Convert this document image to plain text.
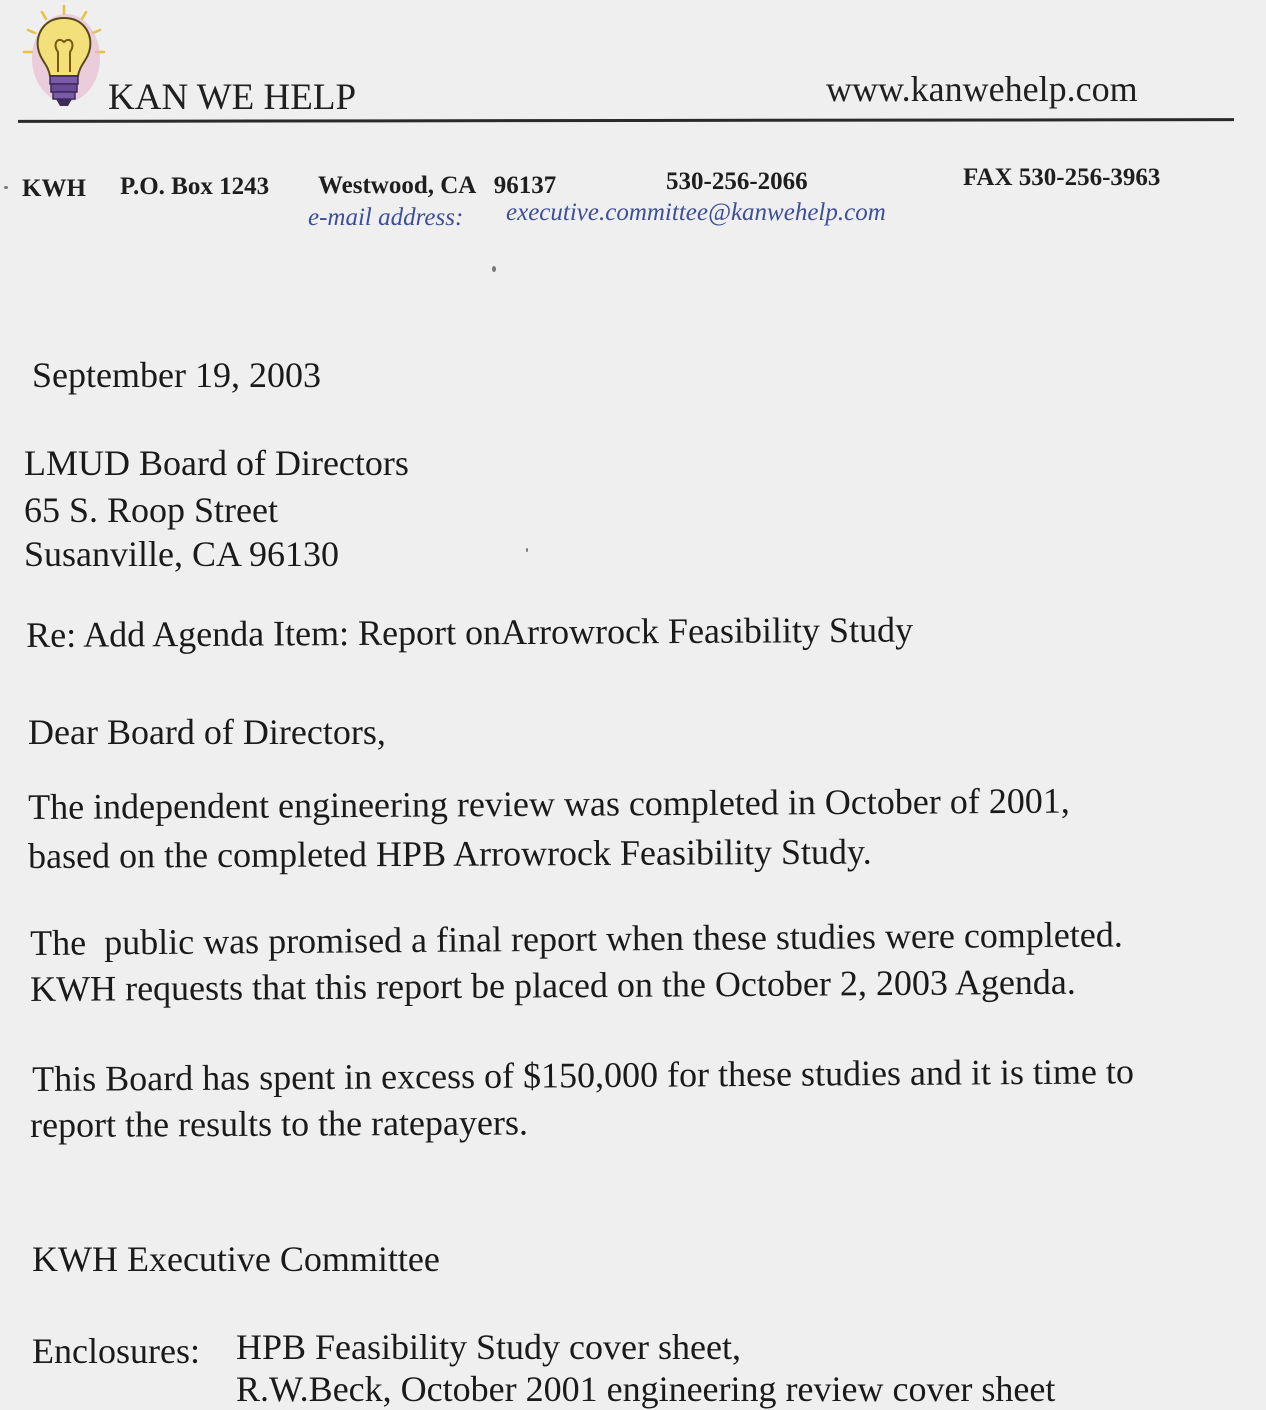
KAN WE HELP	www.kanwehelp.com
KWH P.O. Box 1243 Westwood, CA   96137	530-256-2066	FAX 530-256-3963
e-mail address: executive.committee@kanwehelp.com
September 19, 2003
LMUD Board of Directors
65 S. Roop Street
Susanville, CA 96130
Re: Add Agenda Item: Report onArrowrock Feasibility Study
Dear Board of Directors,
The independent engineering review was completed in October of 2001,
based on the completed HPB Arrowrock Feasibility Study.
The  public was promised a final report when these studies were completed.
KWH requests that this report be placed on the October 2, 2003 Agenda.
This Board has spent in excess of $150,000 for these studies and it is time to
report the results to the ratepayers.
KWH Executive Committee
Enclosures: HPB Feasibility Study cover sheet,
R.W.Beck, October 2001 engineering review cover sheet
